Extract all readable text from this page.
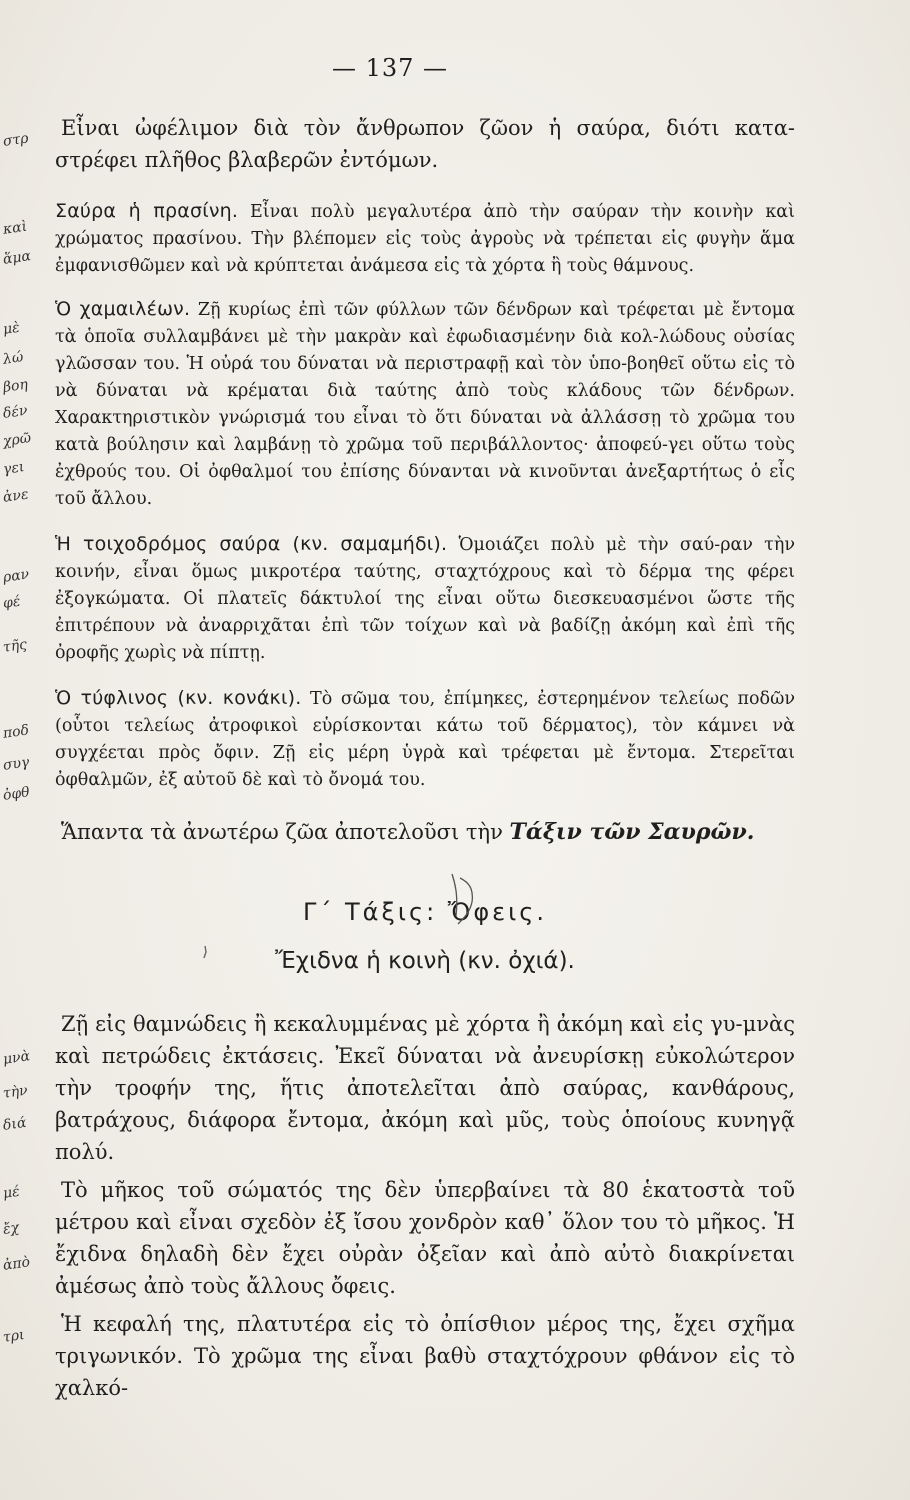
— 137 —
στρ
καὶ
ἅμα
μὲ
λώ
βοη
δέν
χρῶ
γει
ἀνε
ραν
φέ
τῆς
ποδ
συγ
ὀφθ
μνὰ
τὴν
διά
μέ
ἔχ
ἀπὸ
τρι

Εἶναι ὠφέλιμον διὰ τὸν ἄνθρωπον ζῶον ἡ σαύρα, διότι κατα-στρέφει πλῆθος βλαβερῶν ἐντόμων.

Σαύρα ἡ πρασίνη. Εἶναι πολὺ μεγαλυτέρα ἀπὸ τὴν σαύραν τὴν κοινὴν καὶ χρώματος πρασίνου. Τὴν βλέπομεν εἰς τοὺς ἀγροὺς νὰ τρέπεται εἰς φυγὴν ἅμα ἐμφανισθῶμεν καὶ νὰ κρύπτεται ἀνάμεσα εἰς τὰ χόρτα ἢ τοὺς θάμνους.

Ὁ χαμαιλέων. Ζῇ κυρίως ἐπὶ τῶν φύλλων τῶν δένδρων καὶ τρέφεται μὲ ἔντομα τὰ ὁποῖα συλλαμβάνει μὲ τὴν μακρὰν καὶ ἐφωδιασμένην διὰ κολ-λώδους οὐσίας γλῶσσαν του. Ἡ οὐρά του δύναται νὰ περιστραφῇ καὶ τὸν ὑπο-βοηθεῖ οὕτω εἰς τὸ νὰ δύναται νὰ κρέμαται διὰ ταύτης ἀπὸ τοὺς κλάδους τῶν δένδρων. Χαρακτηριστικὸν γνώρισμά του εἶναι τὸ ὅτι δύναται νὰ ἀλλάσσῃ τὸ χρῶμα του κατὰ βούλησιν καὶ λαμβάνῃ τὸ χρῶμα τοῦ περιβάλλοντος· ἀποφεύ-γει οὕτω τοὺς ἐχθρούς του. Οἱ ὀφθαλμοί του ἐπίσης δύνανται νὰ κινοῦνται ἀνεξαρτήτως ὁ εἷς τοῦ ἄλλου.

Ἡ τοιχοδρόμος σαύρα (κν. σαμαμήδι). Ὁμοιάζει πολὺ μὲ τὴν σαύ-ραν τὴν κοινήν, εἶναι ὅμως μικροτέρα ταύτης, σταχτόχρους καὶ τὸ δέρμα της φέρει ἐξογκώματα. Οἱ πλατεῖς δάκτυλοί της εἶναι οὕτω διεσκευασμένοι ὥστε τῆς ἐπιτρέπουν νὰ ἀναρριχᾶται ἐπὶ τῶν τοίχων καὶ νὰ βαδίζῃ ἀκόμη καὶ ἐπὶ τῆς ὀροφῆς χωρὶς νὰ πίπτῃ.

Ὁ τύφλινος (κν. κονάκι). Τὸ σῶμα του, ἐπίμηκες, ἐστερημένον τελείως ποδῶν (οὗτοι τελείως ἀτροφικοὶ εὑρίσκονται κάτω τοῦ δέρματος), τὸν κάμνει νὰ συγχέεται πρὸς ὄφιν. Ζῇ εἰς μέρη ὑγρὰ καὶ τρέφεται μὲ ἔντομα. Στερεῖται ὀφθαλμῶν, ἐξ αὐτοῦ δὲ καὶ τὸ ὄνομά του.

Ἅπαντα τὰ ἀνωτέρω ζῶα ἀποτελοῦσι τὴν Τάξιν τῶν Σαυρῶν.

Γ΄ Τάξις: Ὄφεις.
Ἔχιδνα ἡ κοινὴ (κν. ὀχιά).

Ζῇ εἰς θαμνώδεις ἢ κεκαλυμμένας μὲ χόρτα ἢ ἀκόμη καὶ εἰς γυ-μνὰς καὶ πετρώδεις ἐκτάσεις. Ἐκεῖ δύναται νὰ ἀνευρίσκῃ εὐκολώτερον τὴν τροφήν της, ἥτις ἀποτελεῖται ἀπὸ σαύρας, κανθάρους, βατράχους, διάφορα ἔντομα, ἀκόμη καὶ μῦς, τοὺς ὁποίους κυνηγᾷ πολύ.

Τὸ μῆκος τοῦ σώματός της δὲν ὑπερβαίνει τὰ 80 ἑκατοστὰ τοῦ μέτρου καὶ εἶναι σχεδὸν ἐξ ἴσου χονδρὸν καθ᾽ ὅλον του τὸ μῆκος. Ἡ ἔχιδνα δηλαδὴ δὲν ἔχει οὐρὰν ὀξεῖαν καὶ ἀπὸ αὐτὸ διακρίνεται ἀμέσως ἀπὸ τοὺς ἄλλους ὄφεις.

Ἡ κεφαλή της, πλατυτέρα εἰς τὸ ὀπίσθιον μέρος της, ἔχει σχῆμα τριγωνικόν. Τὸ χρῶμα της εἶναι βαθὺ σταχτόχρουν φθάνον εἰς τὸ χαλκό-
